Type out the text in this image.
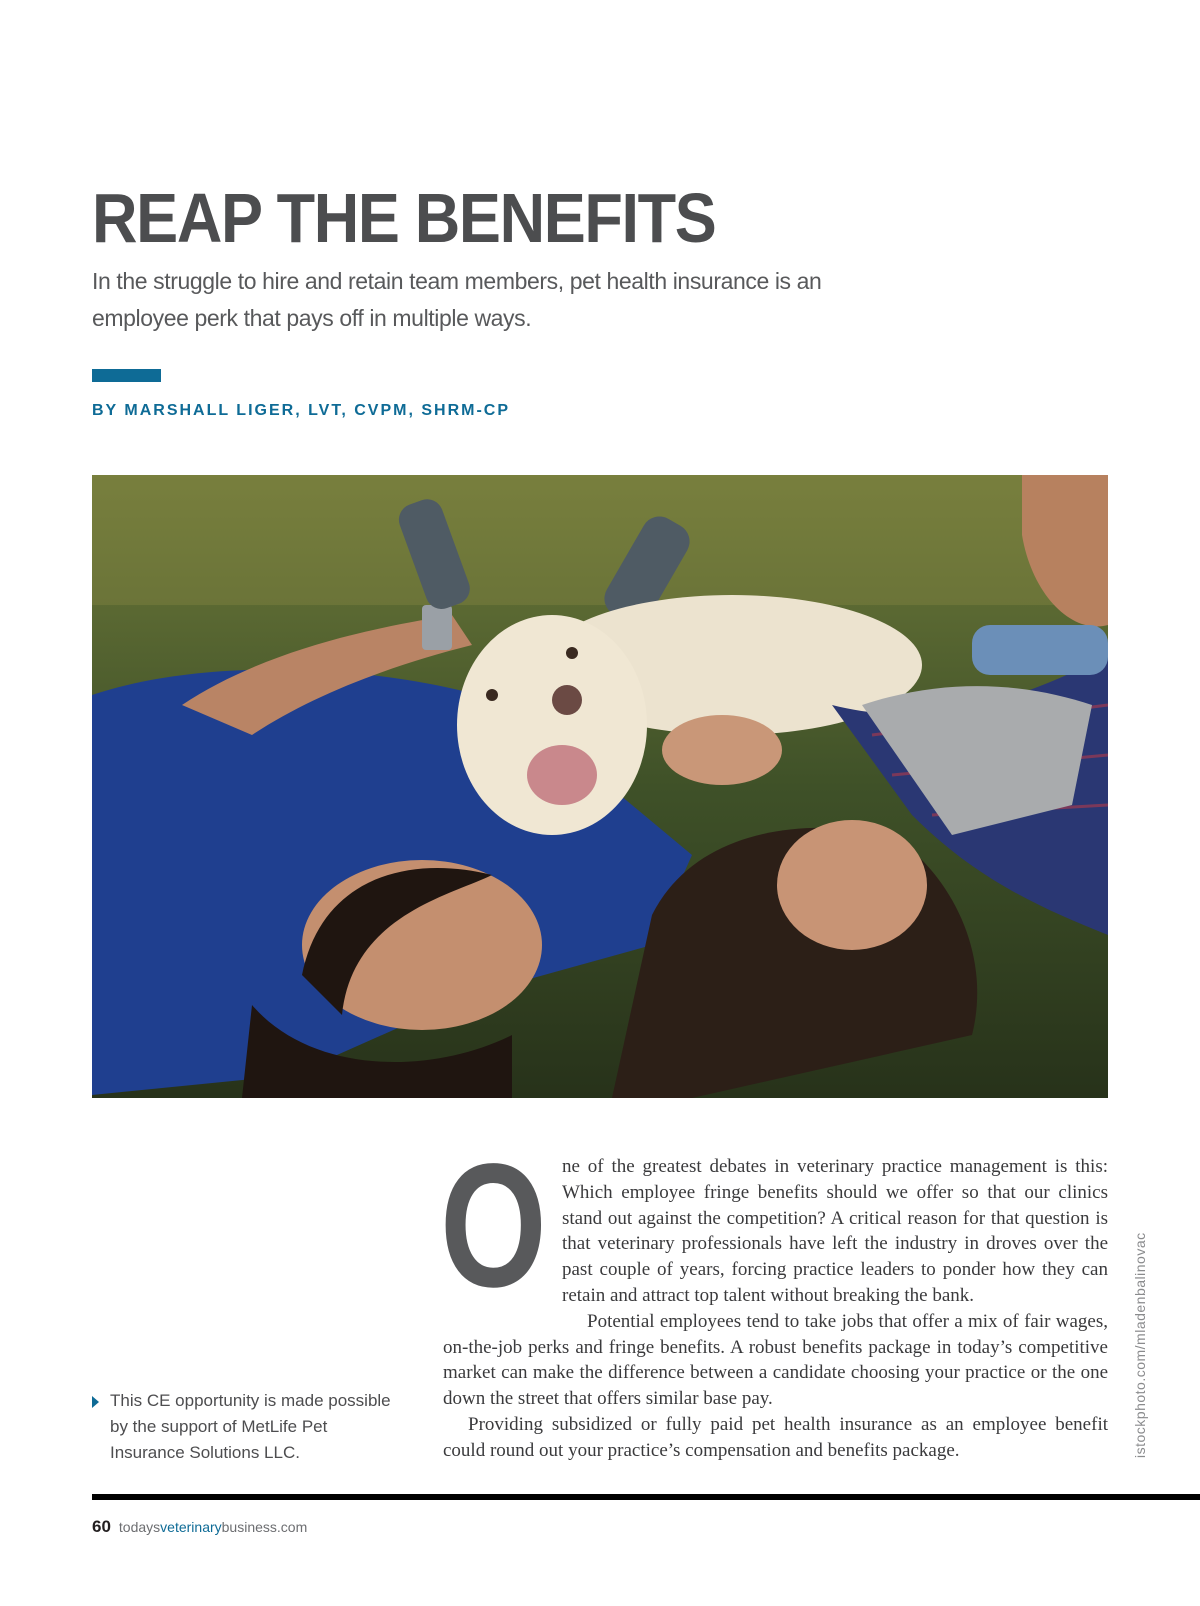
REAP THE BENEFITS

In the struggle to hire and retain team members, pet health insurance is an employee perk that pays off in multiple ways.

BY MARSHALL LIGER, LVT, CVPM, SHRM-CP

One of the greatest debates in veterinary practice management is this: Which employee fringe benefits should we offer so that our clinics stand out against the competition? A critical reason for that question is that veterinary professionals have left the industry in droves over the past couple of years, forcing practice leaders to ponder how they can retain and attract top talent without breaking the bank.

Potential employees tend to take jobs that offer a mix of fair wages, on-the-job perks and fringe benefits. A robust benefits package in today’s competitive market can make the difference between a candidate choosing your practice or the one down the street that offers similar base pay.

Providing subsidized or fully paid pet health insurance as an employee benefit could round out your practice’s compensation and benefits package.

This CE opportunity is made possible by the support of MetLife Pet Insurance Solutions LLC.	istockphoto.com/mladenbalinovac
60 todaysveterinarybusiness.com
